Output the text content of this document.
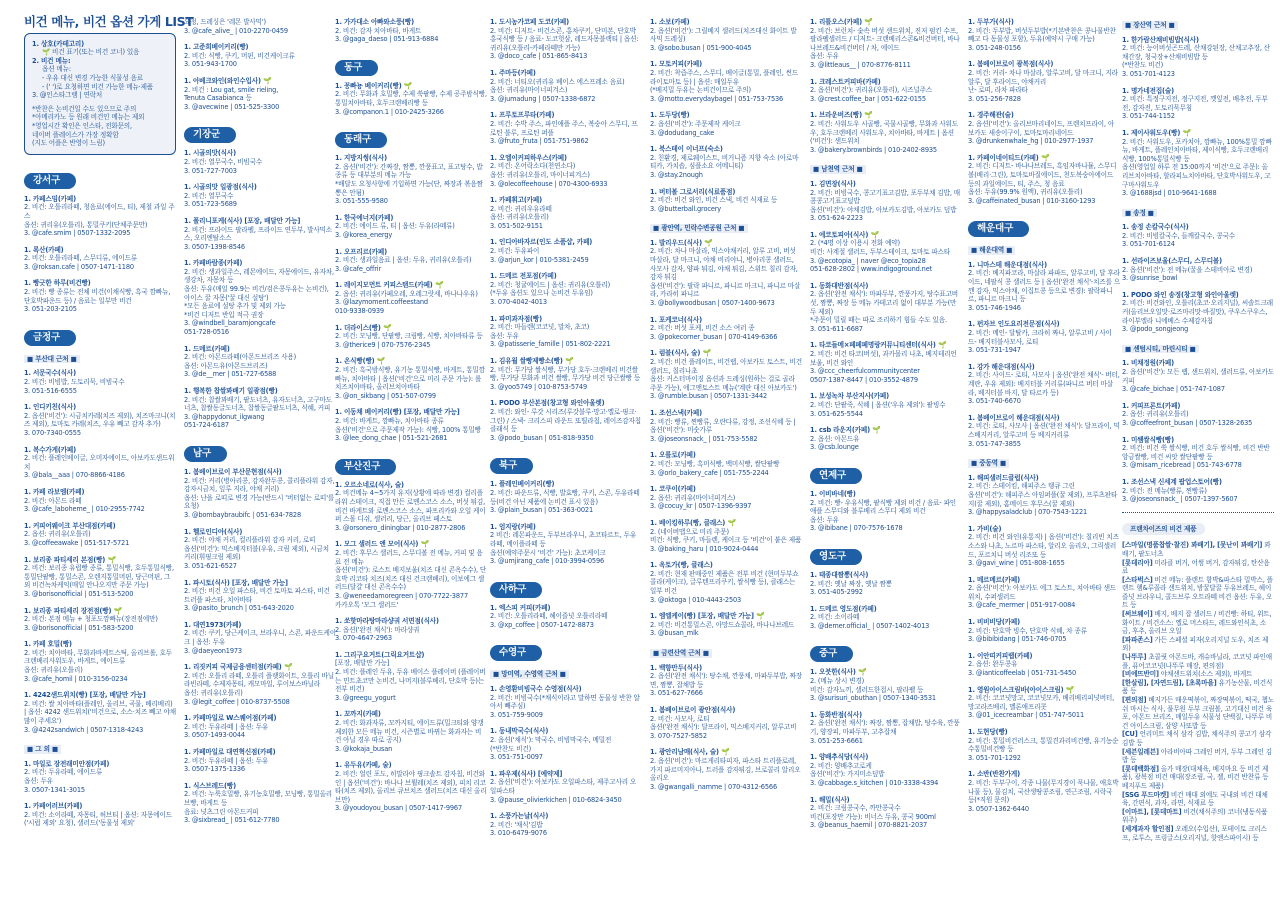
비건 메뉴, 비건 옵션 가게 LIST
1. 상호(카테고리)
🌱 비건 표기(또는 비건 코너) 있음
2. 비건 메뉴:
옵션 메뉴:
- 우유 대신 변경 가능한 식물성 음료
- (' ')로 요청하면 비건 가능한 메뉴·제품
3. @인스타그램 | 연락처
*반찬은 논비건일 수도 있으므로 주의
*아메리카노 등 원래 비건인 메뉴는 제외
*영업시간 확인은 인스타, 전화문의,
네이버 플레이스가 가장 정확함
(지도 어플은 반영이 느림)
강서구
1. 카페스밈(카페)
2. 비건: 오틀리라떼, 청음료(에이드, 티), 제철 과일 주스
옵션: 귀리유(오틀리), 통밀쿠키(단체주문만)
3. @cafe.smim | 0507-1332-2095
1. 록산(카페)
2. 비건: 오틀리라떼, 스무디류, 에이드류
3. @roksan.cafe | 0507-1471-1180
1. 빵긋한 하루(비건빵)
2. 비건: 빵 종류는 전체 비건(이채식빵, 흑국 깜빠뉴, 단호박파운드 등) / 음료는 일부만 비건
3. 051-203-2105
금정구
■ 부산대 근처 ■
1. 서문국수(식사)
2. 비건: 비빔밥, 도토리묵, 비빔국수
3. 051-516-6555
1. 인디키친(식사)
2. 옵션('비건'): 시금치카레(치즈 제외), 치즈마크니(치즈 제외), 토마토 카레(치즈, 우유 빼고 감자 추가)
3. 070-7340-0555
1. 복수가게(카페)
2. 비건: 플레인베이글, 오미자에이드, 아보카도샌드위치
3. @bala__aaa | 070-8866-4186
1. 카페 라보엠(카페)
2. 비건: 아몬드 라떼
3. @cafe_laboheme_ | 010-2955-7742
1. 커피어웨이크 부산대점(카페)
2. 옵션: 귀리유(오틀리)
3. @coffeeawake | 051-517-5721
1. 보리종 파티세리 본점(빵) 🌱
2. 비건: 보리종 유럽빵 종류, 통밀식빵, 호두통밀식빵, 통밀단팥빵, 통밀스콘, 오렌지통밀머핀, 당근머핀, 그 외 비건녹차케익(매일 안나오지만 주문 가능)
3. @borisonofficial | 051-513-5200
1. 보리종 파티세리 장전점(빵) 🌱
2. 비건: 본점 메뉴 + 청포도깜빠뉴(장전점에만)
3. @borisonofficial | 051-583-5200
1. 카페 호밀(빵)
2. 비건: 치아바타, 무화과바게트스틱, 올리브롤, 호두크랜베리사워도우, 바게트, 에이드류
옵션: 귀리유(오틀리)
3. @cafe_homil | 010-3156-0234
1. 4242샌드위치(빵) [포장, 배달만 가능]
2. 비건: 쌀 치아바타(플레인, 올리브, 곡물, 베리베리) | 옵션: 4242 샌드위치('비건으로, 소스·치즈 빼고 야채 많이 주세요')
3. @4242sandwich | 0507-1318-4243
■ 그 외 ■
1. 마일로 장전래미안점(카페)
2. 비건: 두유라떼, 에이드류
옵션: 두유
3. 0507-1341-3015
1. 카페어러브(카페)
2. 비건: 소이라떼, 자몽티, 허브티 | 옵션: 자몽에이드('시럽 제외' 요청), 샐러드('동물성 제외'
요청, 드레싱은 '레몬 발사믹')
3. @cafe_alive_ | 010-2270-0459
1. 고준희베이커리(빵)
2. 비건: 식빵, 쿠키, 머핀, 비건케이크류
3. 051-943-1700
1. 아베크와인(와인수입사) 🌱
2. 비건 : Lou gat, smile rieling,
Tenuta Casabianca 등
3. @avecwine | 051-525-3300
기장군
1. 시골의맛(식사)
2. 비건: 열무국수, 비빔국수
3. 051-727-7003
1. 시골의맛 일광점(식사)
2. 비건: 열무국수
3. 051-723-5689
1. 폴리니포케(식사) [포장, 배달만 가능]
2. 비건: 프라이드 팔라펠, 프라이드 연두부, 발사믹소스, 오리엔탈소스
3. 0507-1398-8546
1. 카페바람종(카페)
2. 비건: 생과일주스, 레몬에이드, 자몽에이드, 유자차, 생강차, 자몽차 등
옵션: 두유(매일 99.9는 비건/검은콩두유는 논비건), 아이스 꿀 자몽('꿀 대신 설탕')
*모든 음료에 설탕 추가 및 제외 가능
*비건 디저트 반입 적극 권장
3. @windbell_baramjongcafe
051-728-0516
1. 드메르(카페)
2. 비건: 아몬드라떼(아몬드브리즈 사용)
옵션: 아몬드유(아몬드브리즈)
3. @de__mer | 051-727-6588
1. 행복한 찹쌀꽈배기 일광점(빵)
2. 비건: 찹쌀꽈배기, 팥도너츠, 유자도너츠, 고구마도너츠, 찹쌀동글도너츠, 찹쌀동글팥도너츠, 식혜, 커피
3. @happydonut_ilgwang
051-724-6187
남구
1. 봄베이브로이 부산문현점(식사)
2. 비건: 커리(병아리콩, 감자완두콩, 콜리플라워 감자, 감자시금치, 잎루 지라, 야채 커리)
옵션: 난을 로띠로 변경 가능(반드시 '버터없는 로띠'를 요청)
3. @bombaybraubifc | 051-634-7828
1. 헬로인디아(식사)
2. 비건: 야채 커리, 컬리플라워 감자 커리, 로띠
옵션('비건'): 믹스베지터블(우유, 크림 제외), 시금치 커리(휘핑크림 제외)
3. 051-621-6527
1. 파시토(식사) [포장, 배달만 가능]
2. 비건: 비건 오일 파스타, 비건 토마토 파스타, 비건 트러플 파스타, 치아바타
3. @pasito_brunch | 051-643-2020
1. 대연1973(카페)
2. 비건: 쿠키, 당근케이크, 브라우니, 스콘, 파운드케이크 | 옵션: 두유
3. @daeyeon1973
1. 리짓커피 국제금융센터점(카페) 🌱
2. 비건: 오틀리 라떼, 오틀리 플랫화이트, 오틀리 바닐라빈라떼, 수제자몽티, 캐모마일, 루이보스바닐라
옵션: 귀리유(오틀리)
3. @legit_coffee | 010-8737-5508
1. 카페마일로 W스퀘어점(카페)
2. 비건: 두유라떼 | 옵션: 두유
3. 0507-1493-0044
1. 카페마일로 대연혁신점(카페)
2. 비건: 두유라떼 | 옵션: 두유
3. 0507-1375-1336
1. 식스브레드(빵)
2. 비건: 누룩호밀빵, 유기농호밀빵, 모닝빵, 통밀올리브빵, 바게트 등
음료: 넛츠그린 아몬드커피
3. @sixbread_ | 051-612-7780
1. 가가대소 아빠와소풍(빵)
2. 비건: 감자 치아바타, 바게트
3. @gaga_daeso | 051-913-6884
동구
1. 꽁빠뇽 베이커리(빵) 🌱
2. 비건: 무화과 호밀빵, 수제 쑥팥빵, 수제 공주밤식빵, 통밀치아바타, 호두크랜베리빵 등
3. @companon.1 | 010-2425-3266
동래구
1. 지방지썽(식사)
2. 옵션('비건'): 간짜장, 짬뽕, 깐풍표고, 표고탕수, 밥종류 등 대부분의 메뉴 가능
*배달도 요청사항에 기입하면 가능(단, 짜장과 볶음짬뽕은 안됨)
3. 051-555-9580
1. 한국에너지(카페)
2. 비건: 에이드 류, 티 | 옵션: 두유(라떼류)
3. @korea_energy
1. 오프리르(카페)
2. 비건: 생과일음료 | 옵션: 두유, 귀리유(오틀리)
3. @cafe_offrir
1. 레이지모먼트 커피스탠드(카페) 🌱
2. 옵션: 귀리유(카페오레, 오레그랏세, 바나나우유)
3. @lazymoment.coffeestand
010-9338-0939
1. 더라이스(빵) 🌱
2. 비건: 모닝빵, 단팥빵, 크림빵, 식빵, 치아바타류 등
3. @therice9 | 070-7576-2345
1. 온식빵(빵) 🌱
2. 비건: 흑국밤식빵, 유기농 통밀식빵, 바게트, 통밀깜빠뉴, 치아바타 | 옵션('비건'으로 미리 주문 가능): 롤치즈치아바타, 올리브치아바타
3. @on_sikbang | 051-507-0799
1. 이동채 베이커리(빵) [포장, 배달만 가능]
2. 비건: 바게트, 깜빠뉴, 치아바타 종류
옵션('비건'으로 주문제작 가능): 식빵, 100% 통밀빵
3. @lee_dong_chae | 051-521-2681
부산진구
1. 오르소네로(식사, 술)
2. 비건메뉴 4~5가지 유지(상황에 따라 변경) 컬리플라워 스테이크, 직접 만든 로멘스코스 소스, 버섯 튀김, 비건 바게트와 로멘스코스 소스, 파프리카와 오일 케이퍼 스몰 디쉬, 샐러리, 당근, 올리브 페스토
3. @orsonero_diningbar | 010-2877-2806
1. 모그 샐러드 앤 모어(식사) 🌱
2. 비건: 후무스 샐러드, 스무디볼 전 메뉴, 커피 및 음료 전 메뉴
옵션('비건'): 로스트 베지보울(치즈 대신 콘옥수수), 단호박 리코타 치즈(치즈 대신 건크랜베리), 이보에그 샐러드(달걀 대신 콘옥수수)
3. @weneedamoregreen | 070-7722-3877
카카오톡 '모그 샐러드'
1. 쏘핫마라탕마라샹궈 서면점(식사)
2. 옵션('완전 채식'): 마라샹궈
3. 070-4647-2963
1. 그리구요거트(그릭요거트샵)
[포장, 배달만 가능]
2. 비건: 플레인 두유, 두유 베이스 플레이버 (플레이버는 민트초코만 논비건, 나머지(블루베리, 단호박 등)는 전부 비건)
3. @greegu_yogurt
1. 꼬까지(카페)
2. 비건: 화과자류, 꼬까지티, 에이드류(밀크티와 양갱 제외한 모든 메뉴 비건, 시즌별로 바뀌는 화과자는 비건 아닐 경우 따로 공지)
3. @kokaja_busan
1. 유두유(카페, 술)
2. 비건: 얼린 포도, 히말라야 핑크솔트 감자칩, 비건와인 | 옵션('비건'): 바나나 브륄레(치즈 제외), 피치 리코타(치즈 제외), 올리브 큐브치즈 샐러드(치즈 대신 올리브만)
3. @youdoyou_busan | 0507-1417-9967
1. 도시농가코페 도코(카페)
2. 비건: 디저트- 비건스콘, 홍차쿠키, 단미본, 단호박홍국식빵 등 / 음료- 도코헛삼, 레드자몽블랙티 | 옵션: 귀리유(오틀리-카페라떼만 가능)
3. @doco_cafe | 051-865-8413
1. 주마등(카페)
2. 비건: 너티오(귀리유 베이스 에스프레소 음료)
옵션: 귀리유(마이너피겨스)
3. @jumadung | 0507-1338-6872
1. 프루토프루타(카페)
2. 비건: 수박 주스, 파인애플 주스, 복숭아 스무디, 프로틴 블루, 프로틴 퍼플
3. @fruto_fruta | 051-751-9862
1. 오엘이커피하우스(카페)
2. 비건: 온어락소다(천연소다)
옵션: 귀리유(오틀리, 마이너피겨스)
3. @olecoffeehouse | 070-4300-6933
1. 카페휘고(카페)
2. 비건: 귀리우유라떼
옵션: 귀리유(오틀리)
3. 051-502-9151
1. 인디아바자르(인도 소품샵, 카페)
2. 비건: 두유파이
3. @arjun_kor | 010-5381-2459
1. 드메르 전포점(카페)
2. 비건: 청귤에이드 | 옵션: 귀리유(오틀리)
(*두유 옵션도 있으나 논비건 두유임)
3. 070-4042-4013
1. 파미과자점(빵)
2. 비건: 마들렌(코코넛, 말차, 초코)
옵션: 두유
3. @patisserie_famille | 051-802-2221
1. 김유월 쌀빵제빵소(빵) 🌱
2. 비건: 무가당 쌀식빵, 무가당 호두·크랜베리 비건쌀빵, 무가당 무화과 비건 쌀빵, 무가당 비건 당근쌀빵 등
3. @yoo5749 | 010-8753-5749
1. PODO 부산본점(창고형 와인아울렛)
2. 비건: 와인- 루갓 시리즈(루갓블루·망고·옐로·핑크·그린) / 스낵- 크리스피 라운드 또띨라칩, 레이즈감자칩 클래식 등
3. @podo_busan | 051-818-9350
북구
1. 플레인베이커리(빵)
2. 비건: 파운드류, 식빵, 발효빵, 쿠키, 스콘, 두유라떼 등(비건 아닌 제품에 논비건 표시 있음)
3. @plain_busan | 051-363-0021
1. 엄지랑(카페)
2 비건: 레몬파운드, 두부브라우니, 초코타르트, 두유라떼, 메이플라떼 등
옵션(예약주문시 '비건' 가능): 초코케이크
3. @umjirang_cafe | 010-3994-0596
사하구
1. 엑스피 커피(카페)
2. 비건: 오틀리라떼, 헤이즐넛 오틀리라떼
3. @xp_coffee | 0507-1472-8873
수영구
■ 망미역, 수영역 근처 ■
1. 손영환비빔국수 수영점(식사)
2. 비건: 비빔국수(*채식이라고 말하면 동물성 반찬 알아서 빼주심)
3. 051-759-9009
1. 동내막국수(식사)
2. 옵션('채식'): 막국수, 비빔막국수, 메밀전
(*반찬도 비건)
3. 051-751-0097
1. 파우제(식사) [예약제]
2. 옵션('비건'): 아보카도 오일파스타, 제주고사리 오일파스타
3. @pause_olivierkichen | 010-6824-3450
1. 소풍가는날(식사)
2. 비건: '채식'김밥
3. 010-6479-9076
1. 소보(카페)
2. 옵션('비건'): 그릴베지 샐러드(치즈대신 화이트 발사믹 드레싱)
3. @sobo.busan | 051-900-4045
1. 모토커피(카페)
2. 비건: 착즙주스, 스무디, 베이글(통밀, 플레인, 썬드라이토마토 등) | 옵션: 매일두유
(*베지밀 두유는 논비건이므로 주의)
3. @motto.everydaybagel | 051-753-7536
1. 도두당(빵)
2. 옵션('비건'): 주문제작 케이크
3. @dodudang_cake
1. 북스테이 이너프(숙소)
2. 친환경, 제로웨이스트, 비거니즘 지향 숙소 (아로마티카, 가치솝, 심플소요 어메니티)
3. @stay.2nough
1. 버터볼 그로서리(식료품점)
2. 비건: 비건 와인, 비건 스낵, 비건 식재료 등
3. @butterball.grocery
■ 광안역, 민락수변공원 근처 ■
1. 발리우드(식사) 🌱
2. 비건: 차나 마살라, 믹스야채커리, 알루 고비, 버섯 마살라, 달 마크니, 야채 비리야니, 병아리콩 샐러드, 사모사 감자, 양파 튀김, 야채 튀김, 스위트 칠리 감자, 감자 튀김
옵션('비건'): 팔락 파니르, 파니르 마크니, 파니르 마살라, 카라히 파니르
3. @bollywoodbusan | 0507-1400-9673
1. 포케코너(식사)
2. 비건: 버섯 포케, 비건 소스 여러 종
3. @pokecorner_busan | 070-4149-6366
1. 럼블(식사, 술) 🌱
2. 비건: 비건 플레이트, 비건랩, 아보카도 토스트, 비건샐러드, 칠리나초
옵션: 커스터마이징 옵션과 드레싱(원하는 걸로 골라 주문 가능), 에그앤토스트 메뉴('계란 대신 아보카도')
3. @rumble.busan | 0507-1331-3442
1. 조선스낵(카페)
2. 비건: 빵류, 찐빵류, 오란다류, 강정, 조선식혜 등 | 옵션('비건'): 미숫가루
3. @joseonsnack_ | 051-753-5582
1. 오를로(카페)
2. 비건: 모닝빵, 흑미식빵, 백미식빵, 쌀단팥빵
3. @orlo_bakery_cafe | 051-755-2244
1. 코쿠이(카페)
2. 옵션: 귀리유(마이너피겨스)
3. @cocuy_kr | 0507-1396-9397
1. 베이킹하루(빵, 클래스) 🌱
2. (네이버맵으로 미리 주문)
비건: 식빵, 쿠키, 마들렌, 케이크 등 '비건'이 붙은 제품
3. @baking_haru | 010-9024-0444
1. 옥토가(빵, 클래스)
2. 비건: 현재 판매중인 제품은 전부 비건 (현미두부쇼콜라(케이크), 글루텐프리쿠키, 쌀식빵 등), 클래스는 일부 비건
3. @oktoga | 010-4443-2503
1. 엠엘케이(빵) [포장, 배달만 가능] 🌱
2. 비건: 비건통밀스콘, 아망드쇼콜라, 바나나브레드
3. @busan_mlk
■ 금련산역 근처 ■
1. 백향만두(식사)
2. 옵션('완전 채식'): 탕수채, 깐풍채, 마파두부밥, 짜장면, 짬뽕, 잡채밥 등
3. 051-627-7666
1. 봄베이브로이 광안점(식사)
2. 비건: 사모사, 로티
옵션('완전 채식'): 달프라이, 믹스베지커리, 알루고비
3. 070-7527-5852
1. 광안리남매(식사, 술) 🌱
2. 옵션('비건'): 마르게리타피자, 파스타 트리플로레, 가지 파르미지아나, 트러플 감자튀김, 브로콜리 알리오올리오
3. @gwangalli_namme | 070-4312-6566
1. 리틀오스(카페) 🌱
2. 비건: 브런치- 숯속 버섯 샌드위치, 진저 펌킨 수프, 팔라펠샐러드 / 디저트- 크랜베리스콘&비건버터, 바나나브레드&비건버터 / 차, 에이드
옵션: 두유
3. @littleaus__ | 070-8776-8111
1. 크레스트커피바(카페)
2. 옵션('비건'): 귀리유(오틀리), 시즈널주스
3. @crest.coffee_bar | 051-622-0155
1. 브라운버즈(빵) 🌱
2. 비건: 사워도우 시골빵, 곡물시골빵, 무화과 사워도우, 호두크랜베리 사워도우, 치아바타, 바게트 | 옵션('비건'): 샌드위치
3. @bakery.brownbirds | 010-2402-8935
■ 남천역 근처 ■
1. 김면장(식사)
2. 비건: 비빔국수, 콩고기표고김밥, 포두부채 김밥, 매콤콩고기표고덮밥
옵션('비건'): 야채김밥, 아보카도김밥, 아보카도 덮밥
3. 051-624-2223
1. 에코토피아(식사) 🌱
2. (*4명 이상 이용시 전화 예약)
비건: 사계절 샐러드, 두부스테이크, 토마토 파스타
3. @ecotopia_ | naver @eco_topia28
051-628-2802 | www.indigoground.net
1. 동화대반점(식사)
2. 옵션('완전 채식'): 마파두부, 깐풍가지, 탕수표고버섯, 짬뽕, 짜장 등 메뉴 카테고리 없이 대부분 가능(만두 제외)
*주문이 밀릴 때는 따로 조리하기 힘들 수도 있음.
3. 051-611-6687
1. 타코들메×페페페명랑커뮤니티센터(식사) 🌱
2. 비건: 비건 타코(버섯), 과카몰리 나초, 베지테리언 보울, 비건 와인
3. @ccc_cheerfulcommunitycenter
0507-1387-8447 | 010-3552-4879
1. 보성녹차 부산지사(카페)
2. 비건: 단팥죽, 식혜 | 옵션('우유 제외'): 팥빙수
3. 051-625-5544
1. csb 라운지(카페) 🌱
2. 옵션: 아몬드유
3. @csb.lounge
연제구
1. 이비바네(빵)
2. 비건: 빵- 우유식빵, 팥식빵 제외 비건 / 음료- 파인애플 스무디와 블루베리 스무디 제외 비건
옵션: 두유
3. @ibibane | 070-7576-1678
영도구
1. 태종대짬뽕(식사)
2. 비건: 옛날 짜장, 옛날 짬뽕
3. 051-405-2992
1. 드메르 영도점(카페)
2. 비건: 소이라떼
3. @demer.official_ | 0507-1402-4013
중구
1. 오붓한(식사) 🌱
2. (메뉴 상시 변경)
비건: 감자뇨끼, 샐러드한접시, 팔라펠 등
3. @surisuri_obuthan | 0507-1340-3531
1. 동화반점(식사)
2. 옵션('완전 채식'): 짜장, 짬뽕, 잡채밥, 탕수육, 깐풍기, 양장피, 마파두부, 고추잡채
3. 051-253-6661
1. 양배추식당(식사)
2. 비건: 양배추고로케
옵션('비건'): 가지미소덮밥
3. @cabbage.s_kitchen | 010-3338-4394
1. 해밀(식사)
2. 비건: 크림콩국수, 까만콩국수
비건(포장만 가능): 비너스 두유, 콩국 900ml
3. @beanus_haemil | 070-8821-2037
1. 두부가(식사)
2. 비건: 두부밥, 버섯두부밥(*기본반찬은 콩나물반찬 빼고 다 동물성 포함), 두유(예약시 구매 가능)
3. 051-248-0156
1. 봄베이브로이 광복점(식사)
2. 비건: 커리- 차나 마살라, 알루고비, 달 마크니, 지라알루, 달 후라이드, 야채커리
난- 로띠, 라차 파라타
3. 051-256-7828
1. 경주해관(술)
2. 옵션('비건'): 올리브마리네이드, 프렌치프라이, 아보카도 새송이구이, 토마토마리네이드
3. @drunkenwhale_hg | 010-2977-1937
1. 카페이네이티드(카페) 🌱
2. 비건: 디저트- 바나나브레드, 흑임자바나뮬, 스무디볼(베리·그린), 토마토바질에이드, 천도복숭아에이드 등의 과일에이드, 티, 주스, 청 음료
옵션: 두유(99.9% 원액), 귀리유(오틀리)
3. @caffeinated_busan | 010-3160-1293
해운대구
■ 해운대역 ■
1. 니마스테 해운대점(식사)
2. 비건: 베지파코라, 마살라 파파드, 알루고비, 달 후라이드, 네팔식 콩 샐러드 등 | 옵션('완전 채식'-치즈를 으깬 감자, 믹스야채, 이집트콩 등으로 변경): 팔락파니르, 파니르 마크니 등
3. 051-746-1946
1. 펀자브 인도요리전문점(식사)
2. 비건: 메인- 달탈카, 크라히 짜나, 알루고비 / 사이드- 베지터블사모사, 로티
3. 051-731-1947
1. 강가 해운대점(식사)
2. 비건: 사이드- 로티, 사모사 | 옵션('완전 채식'- 버터, 계란, 우유 제외): 베지터블 커리류(파니르 버터 마살라, 베지터블 바지, 달 타르카 등)
3. 051-740-6670
1. 봄베이브로이 해운대점(식사)
2. 비건: 로티, 사모사 | 옵션('완전 채식'): 달프라이, 믹스베지커리, 알루고비 등 베지커리류
3. 051-747-3855
■ 중동역 ■
1. 해피샐러드클럽(식사)
2. 비건: 스테이킴, 해피주스 탱큐 그린
옵션('비건'): 해피주스 아임퍼플(꿀 제외), 프루츠판타지(꿀 제외), 홈메이드 후무스(꿀 제외)
3. @happysaladclub | 070-7543-1221
1. 가비(술)
2. 비건: 비건 와인(유통직) | 옵션('비건'): 칠리빈 치즈 소스와 나초, 노르마 파스타, 알리오 올리오, 그릭샐러드, 포르치니 버섯 리조또 등
3. @gavi_wine | 051-808-1655
1. 메르메르(카페)
2. 옵션('비건'): 아보카도 에그 토스트, 치아바타 샌드위치, 수퍼샐러드
3. @cafe_mermer | 051-917-0084
1. 비비비당(카페)
2. 비건: 단호박 빙수, 단호박 식혜, 차 종류
3. @bibibidang | 051-746-0705
1. 이안띠커피랩(카페)
2. 옵션: 완두콩유
3. @ianticoffeelab | 051-731-5450
1. 영원아이스크림바(아이스크림) 🌱
2. 비건: 코코넛망고, 코코넛모카, 베리베리피넛버터, 망고라즈베리, 멜론애프리콧
3. @01_icecreambar | 051-747-5011
1. 도현당(빵)
2. 비건: 통밀비건러스크, 통밀견과리비건빵, 유기농순수통밀비건빵 등
3. 051-701-1292
1. 소반(반찬가게)
2. 비건: 두부구이, 각종 나물(무지경이 묵나물, 애호박 나물 등), 물김치, 국산생땅콩조림, 연근조림, 시락국 등(*직원 문의)
3. 0507-1362-6440
■ 장산역 근처 ■
1. 한가람산채비빔밥(식사)
2. 비건: 능이버섯곤드레, 산채강된장, 산채고추장, 산채간장, 청국장+산채비빔밥 등
(*반찬도 비건)
3. 051-701-4123
1. 명가네전집(술)
2. 비건: 특정구지전, 정구지전, 깻잎전, 배추전, 두부전, 감자전, 도토리묵무침
3. 051-744-1152
1. 제이사워도우(빵) 🌱
2. 비건: 사워도우, 포카치아, 깜빠뉴, 100%통밀 깜빠뉴, 바게트, 플레인치아바타, 제이식빵, 호두크랜베리식빵, 100%통밀식빵 등
옵션(영업일 하루 전 15:00까지 '비건'으로 주문): 올리브치아바타, 할라피뇨치아바타, 단호박사워도우, 고구마사워도우
3. @1688jsd | 010-9641-1688
■ 송정 ■
1. 송정 손칼국수(식사)
2. 비건: 비빔칼국수, 들깨칼국수, 콩국수
3. 051-701-6124
1. 선라이즈보울(스무디, 스무디볼)
2. 옵션('비건'): 전 메뉴(꿀을 스테비아로 변경)
3. @sunrise_bowl
1. PODO 와인 송정(창고형 와인아울렛)
2. 비건: 비건와인, 오틀리(초코·오리지널), 씨솔트크래커(올리브오일맛·로즈마리맛·바질맛), 쿠우스쿠우스, 라이부엘라 니에베스 수제감자칩
3. @podo_songjeong
■ 센텀시티, 마린시티 ■
1. 비채정원(카페)
2. 옵션('비건'): 모든 랩, 샌드위치, 샐러드류, 아보카도 커피
3. @cafe_bichae | 051-747-1087
1. 커피프론트(카페)
2. 옵션: 귀리유(오틀리)
3. @coffeefront_busan | 0507-1328-2635
1. 미쌤쌀식빵(빵)
2. 비건: 비건 쑥 쌀식빵, 비건 호두 쌀식빵, 비건 반반 앙금쌀빵, 비건 씨앗 쌀단팥빵 등
3. @misam_ricebread | 051-743-6778
1. 조선스낵 신세계 팝업스토어(빵)
2. 비건: 전 메뉴(빵류, 찐빵류)
3. @joseonsnack_ | 0507-1397-5607
프랜차이즈의 비건 제품

[스마일(명품찹쌀·찰진) 꽈배기], [못난이 꽈배기] 꽈배기, 팥도너츠

[롯데리아] 미라클 버거, 어썸 버거, 감자튀김, 탄산음료

[스타벅스] 비건 메뉴: 플랜트 함박&파스타 밀박스, 플랜트 햄&루꼴라 샌드위치, 밤꿀달꿀 두유브레드, 헤이즐넛 브라우니, 콜드브루 오트라떼 비건 옵션: 두유, 오트 등

[써브웨이] 베지, 베지 잡 샐러드 / 비건빵: 하티, 위트, 화이트 / 비건소스: 옐로 머스타드, 레드와인식초, 소금, 후추, 올리브 오일

[파파존스] 가든 스페셜 피자(오리지널 도우, 치즈 제외)

[나뚜루] 초콜릿 아몬드바, 캐슈바닐라, 코코넛 파인애플, 퓨어코코넛(나뚜루 매장, 편의점)

[비에뜨반미] 야채샌드위치(소스 제외), 바게트

[한살림], [자연드림], [초록마을] 유기농산물, 비건식품 등

[편의점] 베지가든 매운떡볶이, 짜장떡볶이, 떡국, 챕노쉬 마시는 식사, 풀무원 두부 크림볼, 고기대신 비건 육포, 아몬드 브리즈, 매일두유 식물성 단백질, 나뚜루 비건 아이스크림, 삼양 사또밥 등

[CU] 언리미트 채식 삼각 김밥, 채식주의 콩고기 삼각김밥 등

[세븐일레븐] 아라비아따 그레인 버거, 두부 그레인 김밥 등

[롯데백화점] 올가 매장(대체육, 베지마요 등 비건 제품), 광복점 비건 매대(장조림, 국, 젤, 비건 반찬류 등 베지푸드 제품)

[SSG 푸드마켓] 비건 매대 외에도 국내외 비건 대체육, 간편식, 과자, 라면, 식재료 등

[이마트], [롯데마트] 비건(채식주의) 코너(냉동식품 위주)

[세계과자 할인점] 오레오(수입산), 포테이토 크리스프, 로투스, 프링글스(오리지널, 핫앤스파이시) 등
